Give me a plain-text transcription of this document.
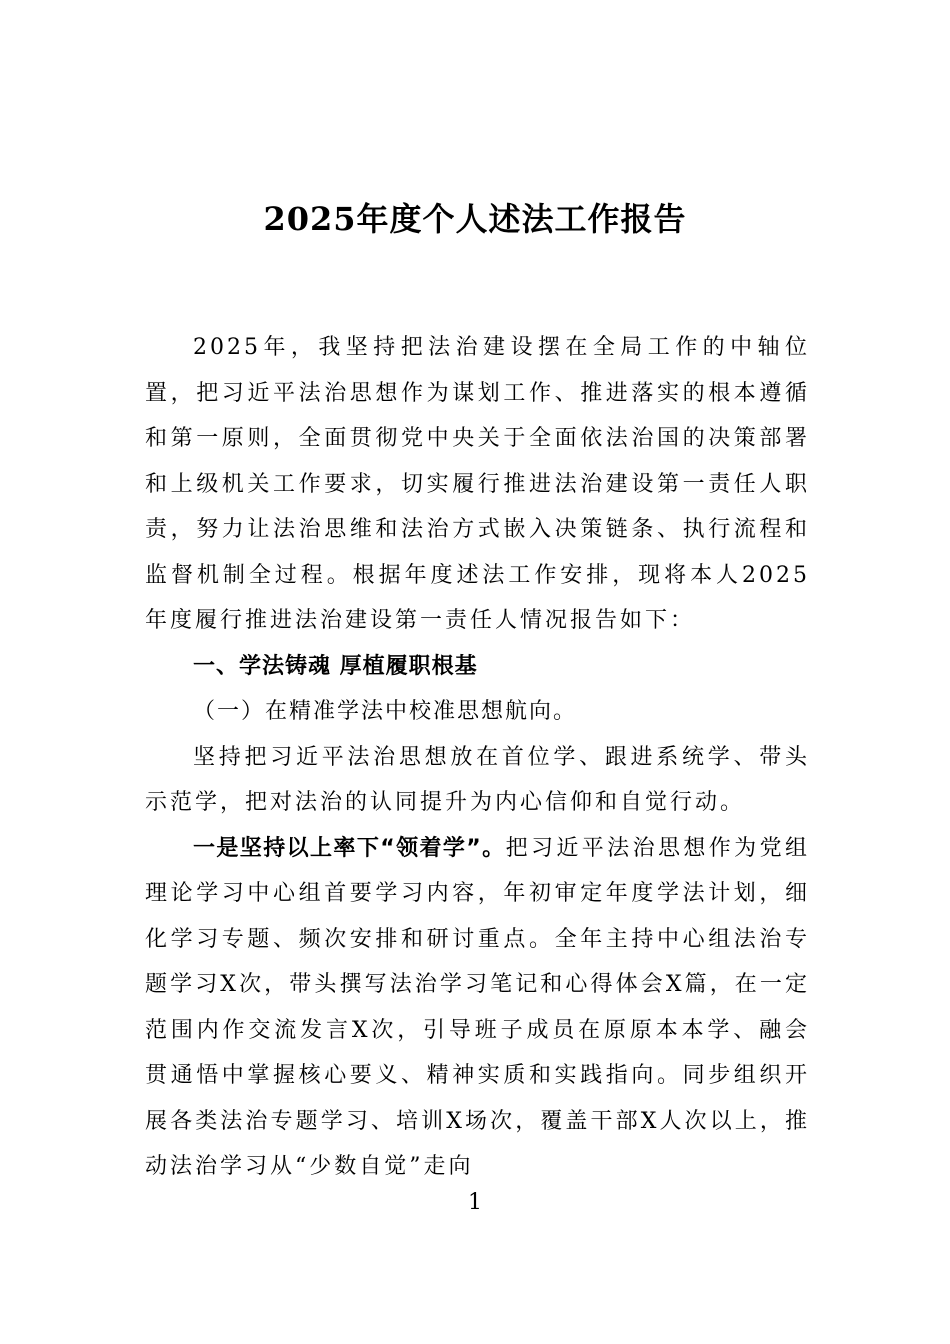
2025年度个人述法工作报告

2025年，我坚持把法治建设摆在全局工作的中轴位置，把习近平法治思想作为谋划工作、推进落实的根本遵循和第一原则，全面贯彻党中央关于全面依法治国的决策部署和上级机关工作要求，切实履行推进法治建设第一责任人职责，努力让法治思维和法治方式嵌入决策链条、执行流程和监督机制全过程。根据年度述法工作安排，现将本人2025年度履行推进法治建设第一责任人情况报告如下：

一、学法铸魂 厚植履职根基

（一）在精准学法中校准思想航向。

坚持把习近平法治思想放在首位学、跟进系统学、带头示范学，把对法治的认同提升为内心信仰和自觉行动。

一是坚持以上率下“领着学”。把习近平法治思想作为党组理论学习中心组首要学习内容，年初审定年度学法计划，细化学习专题、频次安排和研讨重点。全年主持中心组法治专题学习X次，带头撰写法治学习笔记和心得体会X篇，在一定范围内作交流发言X次，引导班子成员在原原本本学、融会贯通悟中掌握核心要义、精神实质和实践指向。同步组织开展各类法治专题学习、培训X场次，覆盖干部X人次以上，推动法治学习从“少数自觉”走向

1
